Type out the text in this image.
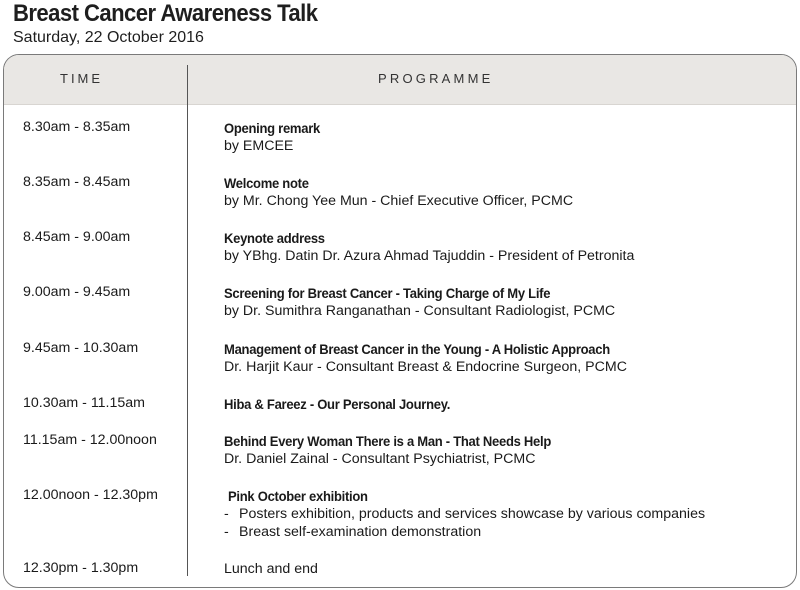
Breast Cancer Awareness Talk
Saturday, 22 October 2016
TIME	PROGRAMME
8.30am - 8.35am	Opening remark
by EMCEE
8.35am - 8.45am	Welcome note
by Mr. Chong Yee Mun - Chief Executive Officer, PCMC
8.45am - 9.00am	Keynote address
by YBhg. Datin Dr. Azura Ahmad Tajuddin - President of Petronita
9.00am - 9.45am	Screening for Breast Cancer - Taking Charge of My Life
by Dr. Sumithra Ranganathan - Consultant Radiologist, PCMC
9.45am - 10.30am	Management of Breast Cancer in the Young - A Holistic Approach
Dr. Harjit Kaur - Consultant Breast & Endocrine Surgeon, PCMC
10.30am - 11.15am	Hiba & Fareez - Our Personal Journey.
11.15am - 12.00noon	Behind Every Woman There is a Man - That Needs Help
Dr. Daniel Zainal - Consultant Psychiatrist, PCMC
12.00noon - 12.30pm	Pink October exhibition
- Posters exhibition, products and services showcase by various companies
- Breast self-examination demonstration
12.30pm - 1.30pm	Lunch and end
